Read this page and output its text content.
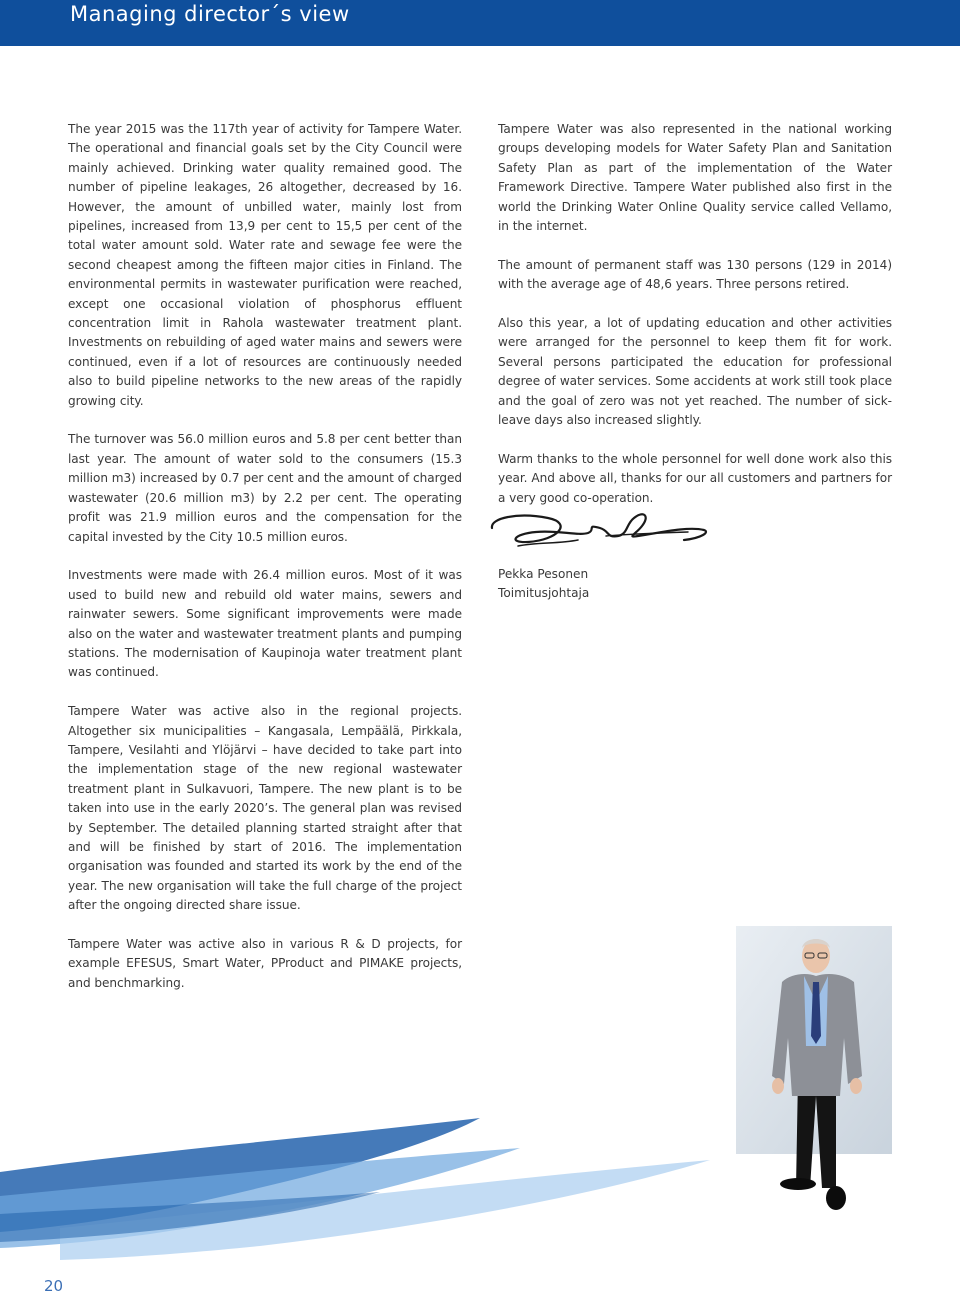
Managing director´s view

The year 2015 was the 117th year of activity for Tampere Water. The operational and financial goals set by the City Council were mainly achieved. Drinking water quality remained good. The number of pipeline leakages, 26 altogether, decreased by 16. However, the amount of unbilled water, mainly lost from pipelines, increased from 13,9 per cent to 15,5 per cent of the total water amount sold. Water rate and sewage fee were the second cheapest among the fifteen major cities in Finland. The environmental permits in wastewater purification were reached, except one occasional violation of phosphorus effluent concentration limit in Rahola wastewater treatment plant. Investments on rebuilding of aged water mains and sewers were continued, even if a lot of resources are continuously needed also to build pipeline networks to the new areas of the rapidly growing city.

The turnover was 56.0 million euros and 5.8 per cent better than last year. The amount of water sold to the consumers (15.3 million m3) increased by 0.7 per cent and the amount of charged wastewater (20.6 million m3) by 2.2 per cent. The operating profit was 21.9 million euros and the compensation for the capital invested by the City 10.5 million euros.

Investments were made with 26.4 million euros. Most of it was used to build new and rebuild old water mains, sewers and rainwater sewers. Some significant improvements were made also on the water and wastewater treatment plants and pumping stations. The modernisation of Kaupinoja water treatment plant was continued.

Tampere Water was active also in the regional projects. Altogether six municipalities – Kangasala, Lempäälä, Pirkkala, Tampere, Vesilahti and Ylöjärvi – have decided to take part into the implementation stage of the new regional wastewater treatment plant in Sulkavuori, Tampere. The new plant is to be taken into use in the early 2020’s. The general plan was revised by September. The detailed planning started straight after that and will be finished by start of 2016. The implementation organisation was founded and started its work by the end of the year. The new organisation will take the full charge of the project after the ongoing directed share issue.

Tampere Water was active also in various R & D projects, for example EFESUS, Smart Water, PProduct and PIMAKE projects, and benchmarking.

Tampere Water was also represented in the national working groups developing models for Water Safety Plan and Sanitation Safety Plan as part of the implementation of the Water Framework Directive. Tampere Water published also first in the world the Drinking Water Online Quality service called Vellamo, in the internet.

The amount of permanent staff was 130 persons (129 in 2014) with the average age of 48,6 years. Three persons retired.

Also this year, a lot of updating education and other activities were arranged for the personnel to keep them fit for work. Several persons participated the education for professional degree of water services. Some accidents at work still took place and the goal of zero was not yet reached. The number of sick-leave days also increased slightly.

Warm thanks to the whole personnel for well done work also this year. And above all, thanks for our all customers and partners for a very good co-operation.

Pekka Pesonen
Toimitusjohtaja
20
